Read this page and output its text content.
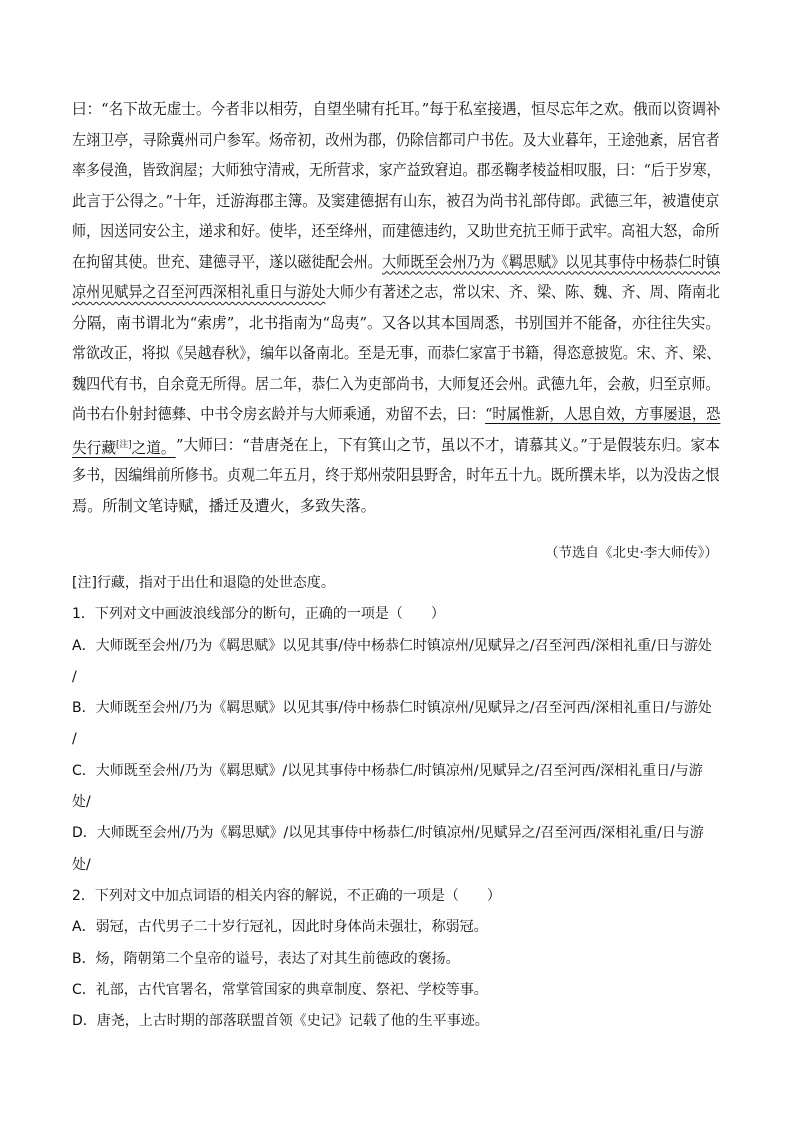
曰：“名下故无虚士。今者非以相劳，自望坐啸有托耳。”每于私室接遇，恒尽忘年之欢。俄而以资调补
左翊卫亭，寻除冀州司户参军。炀帝初，改州为郡，仍除信都司户书佐。及大业暮年，王途弛紊，居官者
率多侵渔，皆致润屋；大师独守清戒，无所营求，家产益致窘迫。郡丞鞠孝棱益相叹服，曰：“后于岁寒，
此言于公得之。”十年，迁游海郡主簿。及窦建德据有山东，被召为尚书礼部侍郎。武德三年，被遣使京
师，因送同安公主，递求和好。使毕，还至绛州，而建德违约，又助世充抗王师于武牢。高祖大怒，命所
在拘留其使。世充、建德寻平，遂以磁徙配会州。 大师既至会州乃为《羁思赋》以见其事侍中杨恭仁时镇
凉州见赋异之召至河西深相礼重日与游处 大师少有著述之志，常以宋、齐、梁、陈、魏、齐、周、隋南北
分隔，南书谓北为“索虏”，北书指南为“岛夷”。又各以其本国周悉，书别国并不能备，亦往往失实。
常欲改正，将拟《吴越春秋》，编年以备南北。至是无事，而恭仁家富于书籍，得恣意披览。宋、齐、梁、
魏四代有书，自余竟无所得。居二年，恭仁入为吏部尚书，大师复还会州。武德九年，会赦，归至京师。
尚书右仆射封德彝、中书令房玄龄并与大师乘通，劝留不去，曰： “时属惟新，人思自效，方事屡退，恐
失行藏[注]之道。 ”大师曰：“昔唐尧在上，下有箕山之节，虽以不才，请慕其义。”于是假装东归。家本
多书，因编缉前所修书。贞观二年五月，终于郑州荥阳县野舍，时年五十九。既所撰未毕，以为没齿之恨
焉。所制文笔诗赋，播迁及遭火，多致失落。
（节选自《北史·李大师传》）
[注]行藏，指对于出仕和退隐的处世态度。
1．下列对文中画波浪线部分的断句，正确的一项是（　　）
A．大师既至会州/乃为《羁思赋》以见其事/侍中杨恭仁时镇凉州/见赋异之/召至河西/深相礼重/日与游处
/
B．大师既至会州/乃为《羁思赋》以见其事/侍中杨恭仁时镇凉州/见赋异之/召至河西/深相礼重日/与游处
/
C．大师既至会州/乃为《羁思赋》/以见其事侍中杨恭仁/时镇凉州/见赋异之/召至河西/深相礼重日/与游
处/
D．大师既至会州/乃为《羁思赋》/以见其事侍中杨恭仁/时镇凉州/见赋异之/召至河西/深相礼重/日与游
处/
2．下列对文中加点词语的相关内容的解说，不正确的一项是（　　）
A．弱冠，古代男子二十岁行冠礼，因此时身体尚未强壮，称弱冠。
B．炀，隋朝第二个皇帝的谥号，表达了对其生前德政的褒扬。
C．礼部，古代官署名，常掌管国家的典章制度、祭祀、学校等事。
D．唐尧，上古时期的部落联盟首领《史记》记载了他的生平事迹。
